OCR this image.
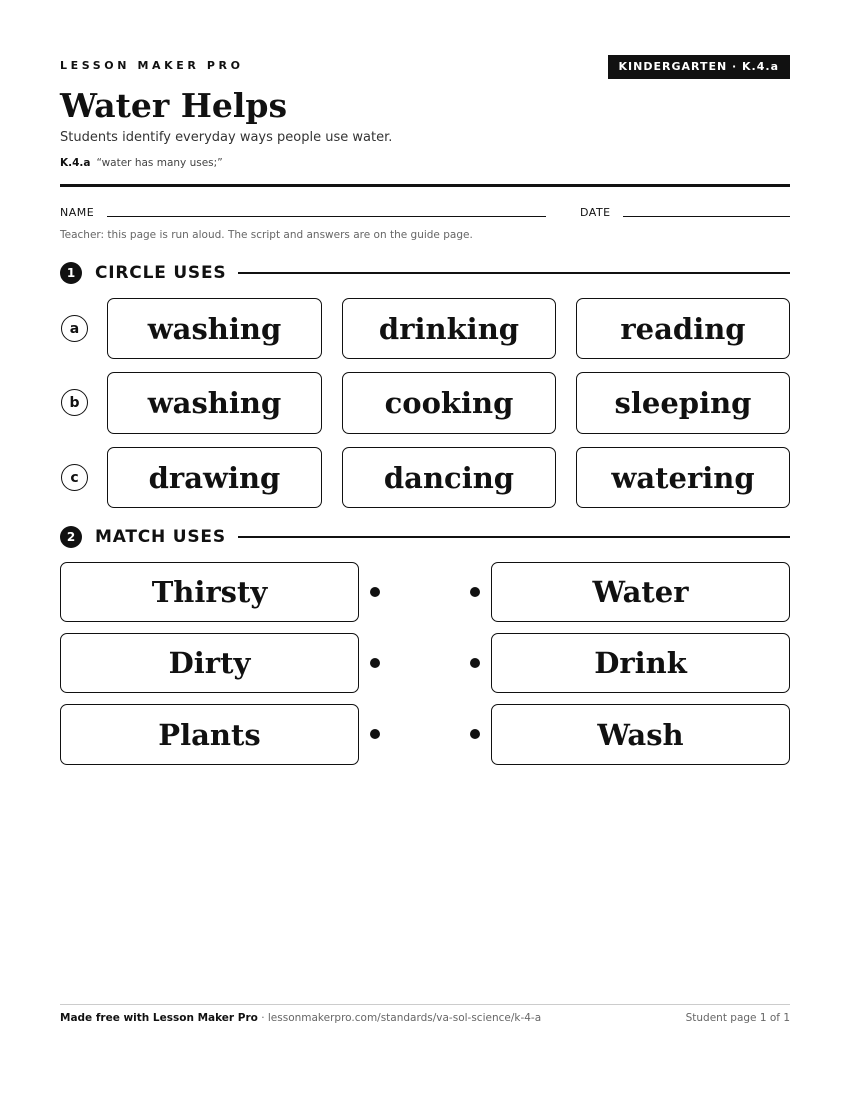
LESSON MAKER PRO	KINDERGARTEN · K.4.a
Water Helps
Students identify everyday ways people use water.
K.4.a “water has many uses;”
NAME	DATE
Teacher: this page is run aloud. The script and answers are on the guide page.
1	CIRCLE USES
a	washing	drinking	reading
b	washing	cooking	sleeping
c	drawing	dancing	watering
2	MATCH USES
Thirsty	Water
Dirty	Drink
Plants	Wash
Made free with Lesson Maker Pro · lessonmakerpro.com/standards/va-sol-science/k-4-a	Student page 1 of 1
